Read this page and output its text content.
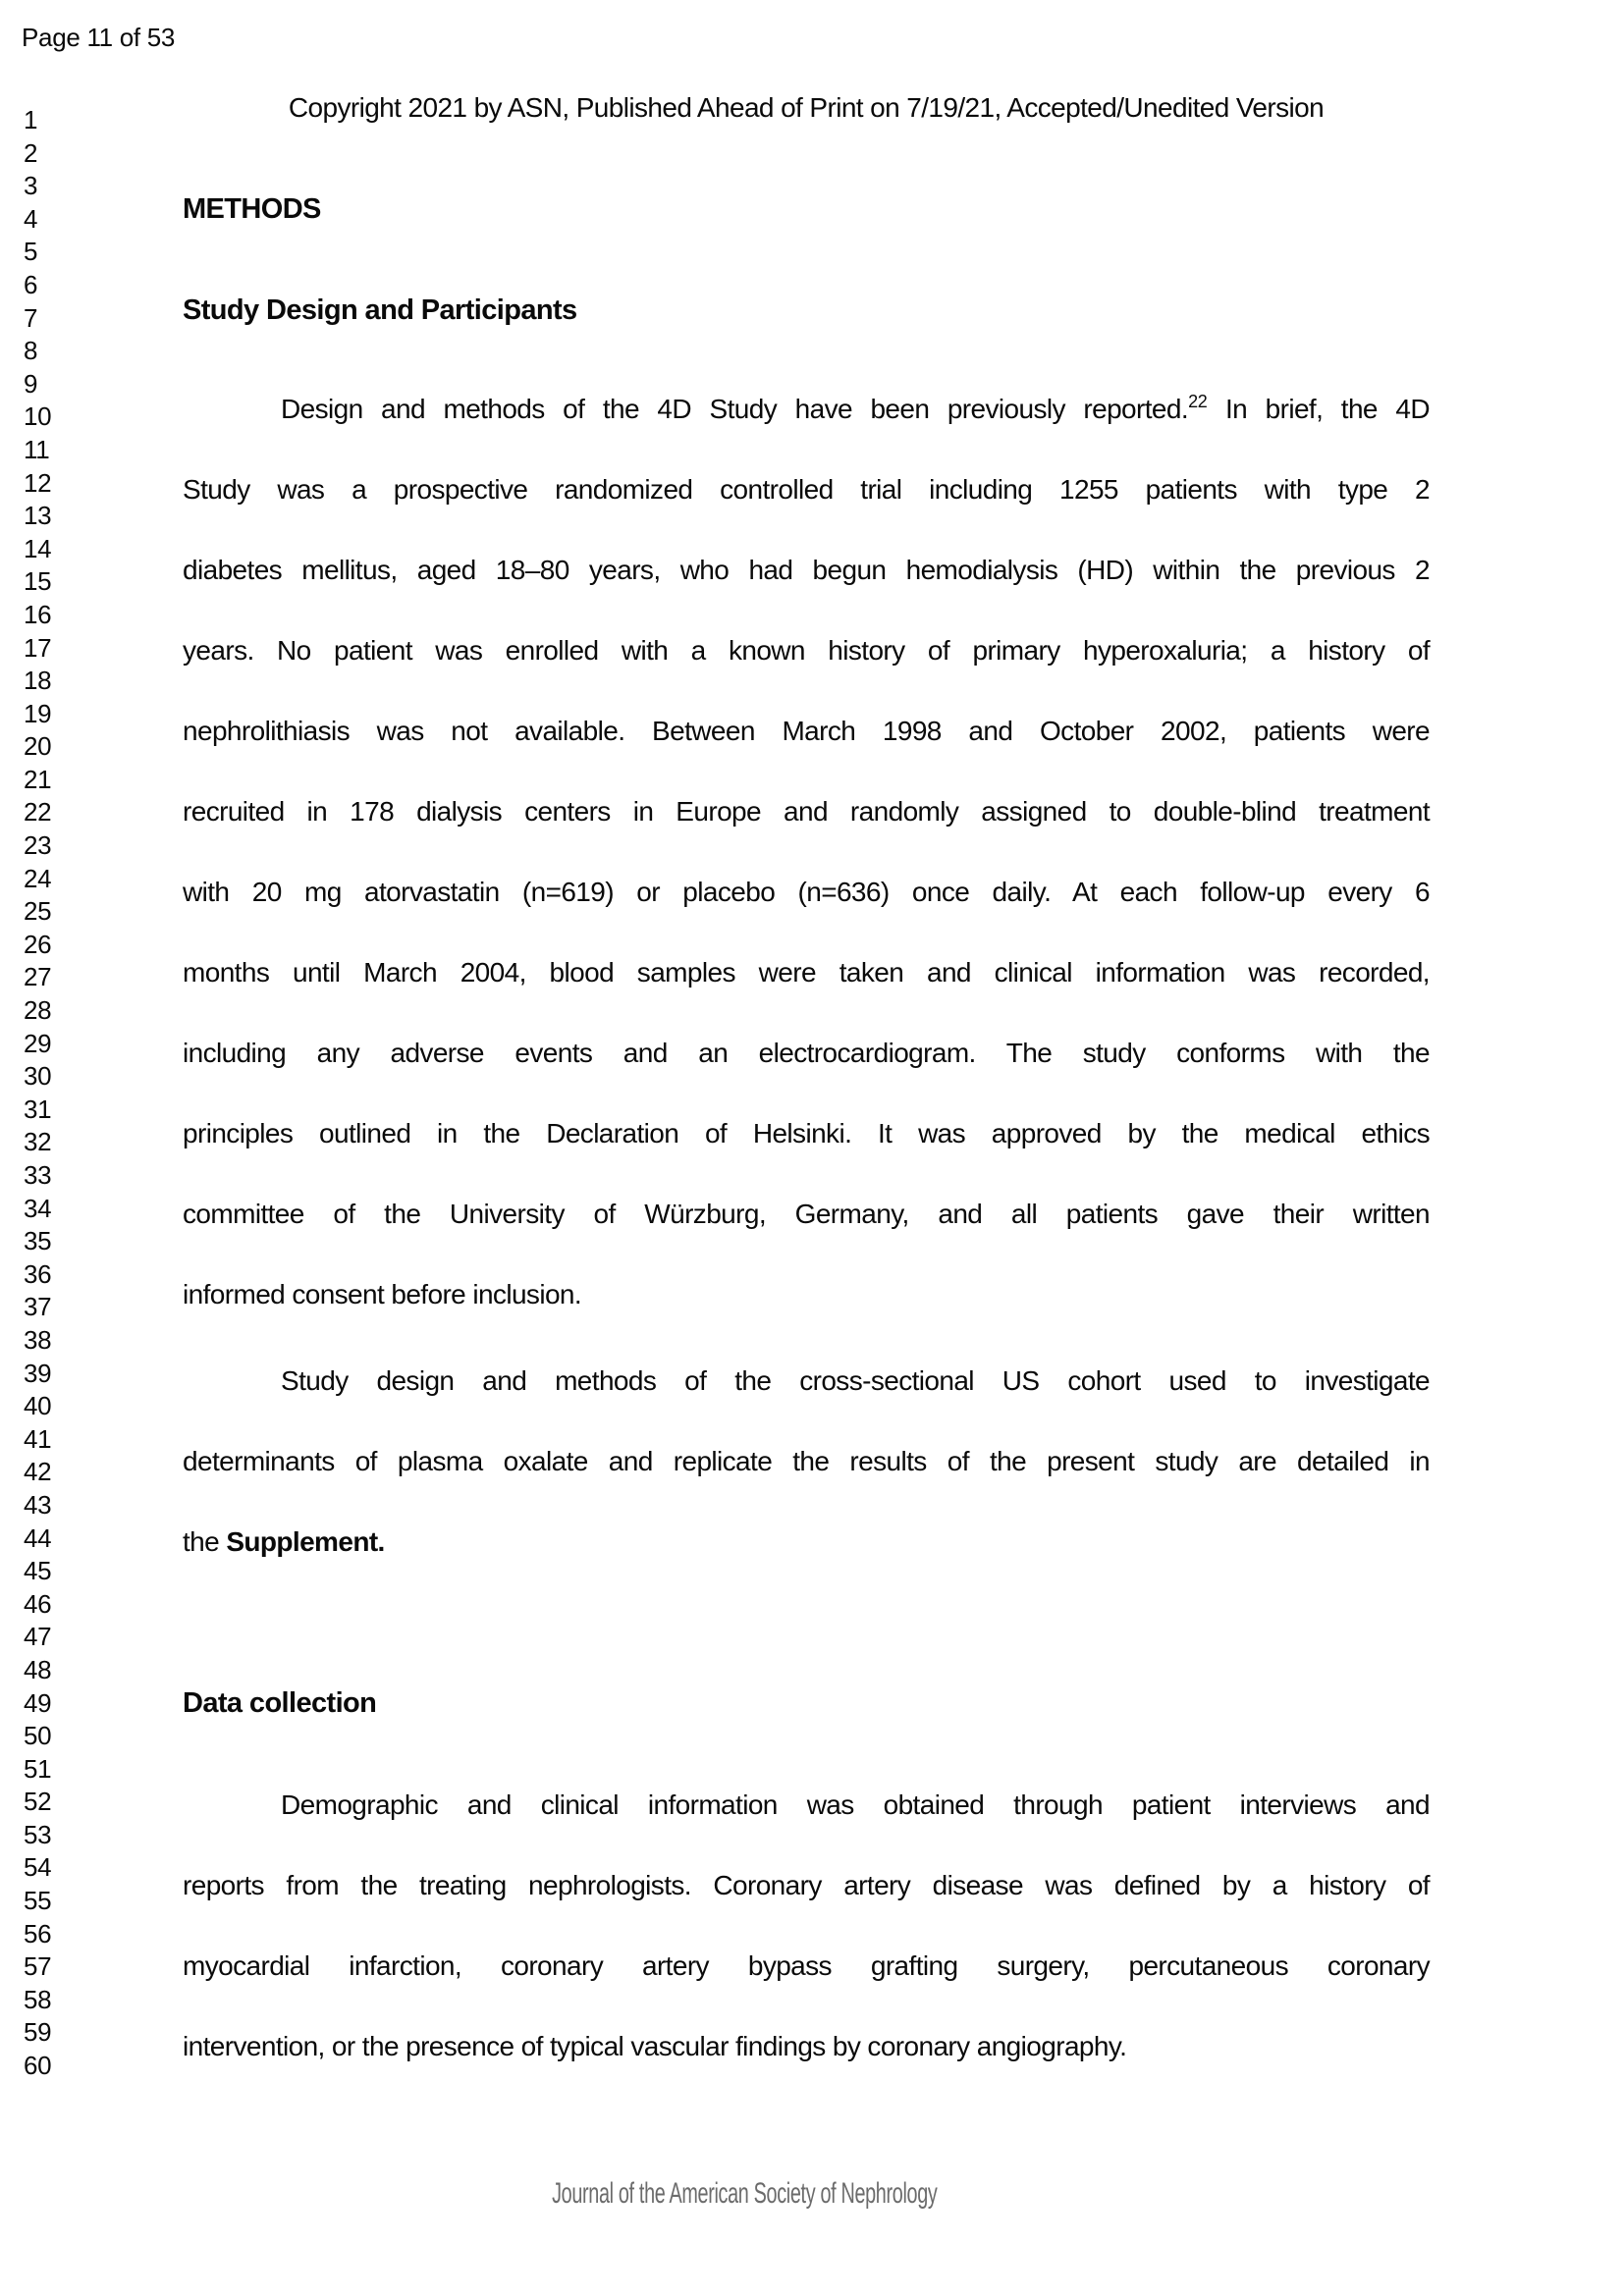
Page 11 of 53
1
2
3
4
5
6
7
8
9
10
11
12
13
14
15
16
17
18
19
20
21
22
23
24
25
26
27
28
29
30
31
32
33
34
35
36
37
38
39
40
41
42
43
44
45
46
47
48
49
50
51
52
53
54
55
56
57
58
59
60
Copyright 2021 by ASN, Published Ahead of Print on 7/19/21, Accepted/Unedited Version
METHODS
Study Design and Participants
Design and methods of the 4D Study have been previously reported.$^{22}$ In brief, the 4D
Study was a prospective randomized controlled trial including 1255 patients with type 2
diabetes mellitus, aged 18–80 years, who had begun hemodialysis (HD) within the previous 2
years. No patient was enrolled with a known history of primary hyperoxaluria; a history of
nephrolithiasis was not available. Between March 1998 and October 2002, patients were
recruited in 178 dialysis centers in Europe and randomly assigned to double-blind treatment
with 20 mg atorvastatin (n=619) or placebo (n=636) once daily. At each follow-up every 6
months until March 2004, blood samples were taken and clinical information was recorded,
including any adverse events and an electrocardiogram. The study conforms with the
principles outlined in the Declaration of Helsinki. It was approved by the medical ethics
committee of the University of Würzburg, Germany, and all patients gave their written
informed consent before inclusion.
Study design and methods of the cross-sectional US cohort used to investigate
determinants of plasma oxalate and replicate the results of the present study are detailed in
the Supplement.
Data collection
Demographic and clinical information was obtained through patient interviews and
reports from the treating nephrologists. Coronary artery disease was defined by a history of
myocardial infarction, coronary artery bypass grafting surgery, percutaneous coronary
intervention, or the presence of typical vascular findings by coronary angiography.
Journal of the American Society of Nephrology
